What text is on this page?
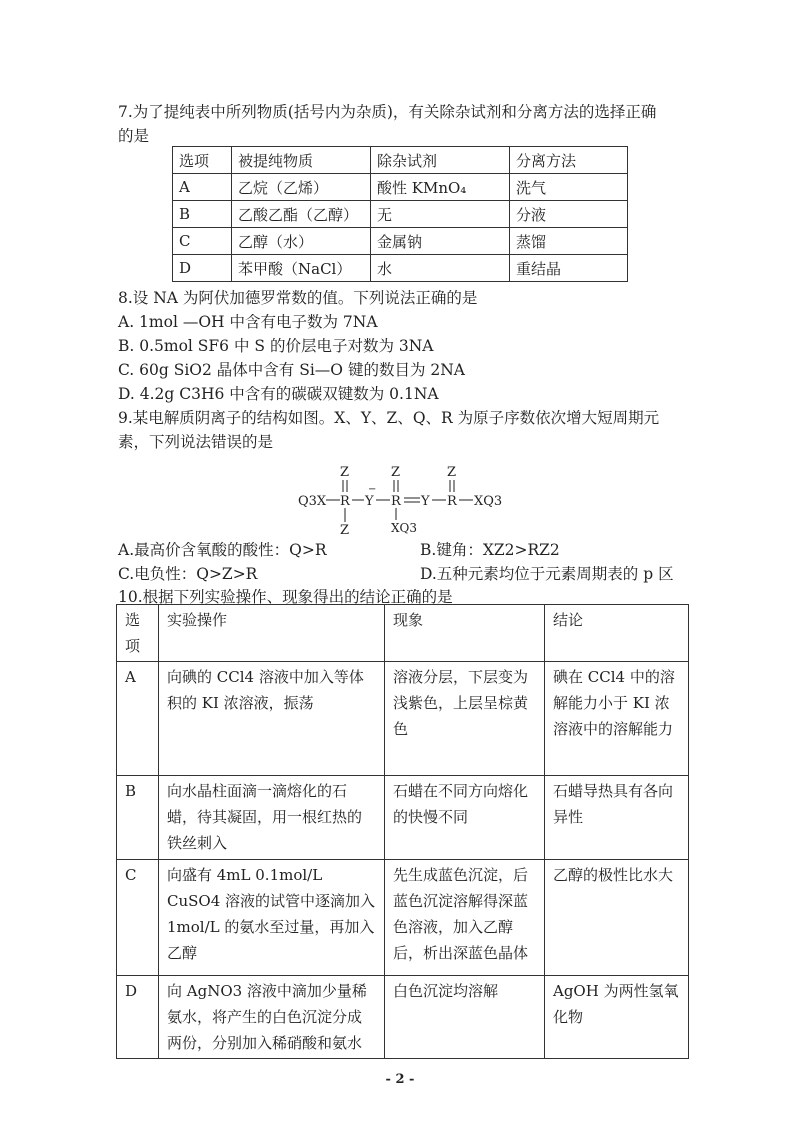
7.为了提纯表中所列物质(括号内为杂质)，有关除杂试剂和分离方法的选择正确
的是
选项	被提纯物质	除杂试剂	分离方法
A	乙烷（乙烯）	酸性 KMnO₄	洗气
B	乙酸乙酯（乙醇）	无	分液
C	乙醇（水）	金属钠	蒸馏
D	苯甲酸（NaCl）	水	重结晶
8.设 NA 为阿伏加德罗常数的值。下列说法正确的是
A. 1mol —OH 中含有电子数为 7NA
B. 0.5mol SF6 中 S 的价层电子对数为 3NA
C. 60g SiO2 晶体中含有 Si—O 键的数目为 2NA
D. 4.2g C3H6 中含有的碳碳双键数为 0.1NA
9.某电解质阴离子的结构如图。X、Y、Z、Q、R 为原子序数依次增大短周期元
素，下列说法错误的是
Q3X R
Z
Z
Y
−
R
Z
XQ3
Y R
Z
XQ3
A.最高价含氧酸的酸性：Q>R	B.键角：XZ2>RZ2
C.电负性：Q>Z>R	D.五种元素均位于元素周期表的 p 区
10.根据下列实验操作、现象得出的结论正确的是
选项	实验操作	现象	结论
A	向碘的 CCl4 溶液中加入等体积的 KI 浓溶液，振荡	溶液分层，下层变为浅紫色，上层呈棕黄色	碘在 CCl4 中的溶解能力小于 KI 浓溶液中的溶解能力
B	向水晶柱面滴一滴熔化的石蜡，待其凝固，用一根红热的铁丝刺入	石蜡在不同方向熔化的快慢不同	石蜡导热具有各向异性
C	向盛有 4mL 0.1mol/L CuSO4 溶液的试管中逐滴加入 1mol/L 的氨水至过量，再加入乙醇	先生成蓝色沉淀，后蓝色沉淀溶解得深蓝色溶液，加入乙醇后，析出深蓝色晶体	乙醇的极性比水大
D	向 AgNO3 溶液中滴加少量稀氨水，将产生的白色沉淀分成两份，分别加入稀硝酸和氨水	白色沉淀均溶解	AgOH 为两性氢氧化物
- 2 -
